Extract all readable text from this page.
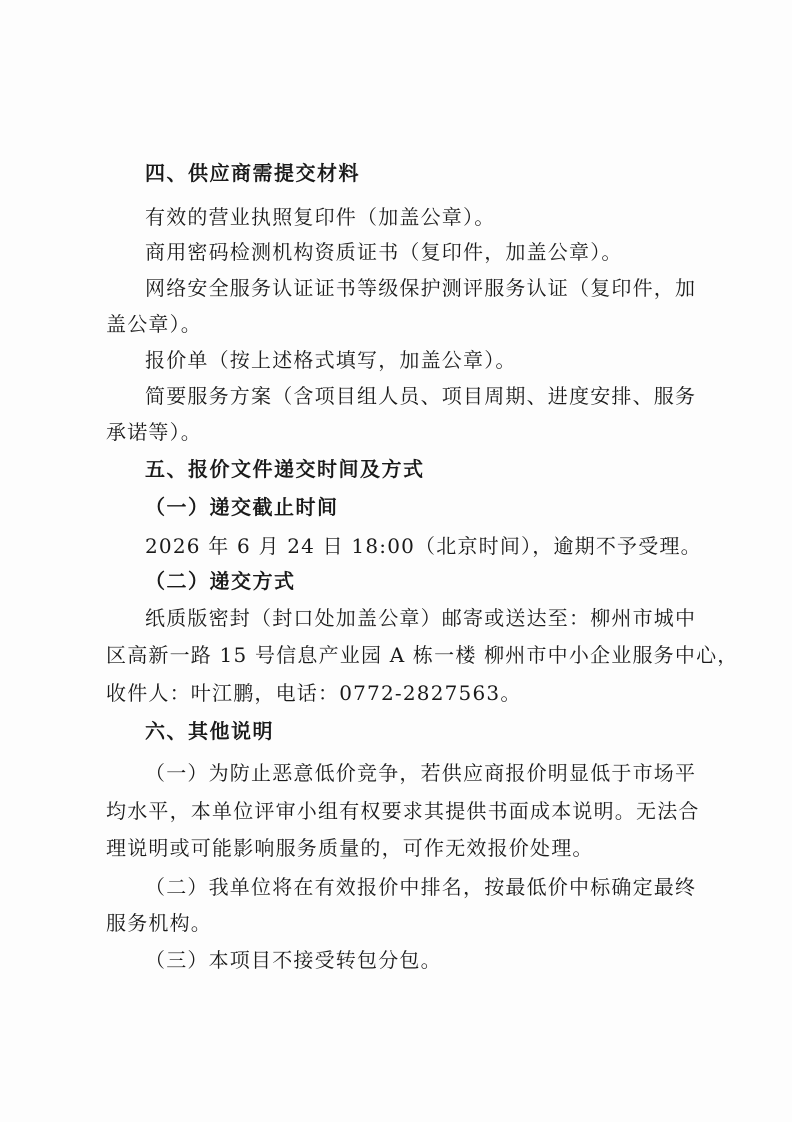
四、供应商需提交材料
有效的营业执照复印件（加盖公章）。
商用密码检测机构资质证书（复印件，加盖公章）。
网络安全服务认证证书等级保护测评服务认证（复印件，加
盖公章）。
报价单（按上述格式填写，加盖公章）。
简要服务方案（含项目组人员、项目周期、进度安排、服务
承诺等）。
五、报价文件递交时间及方式
（一）递交截止时间
2026 年 6 月 24 日 18:00（北京时间），逾期不予受理。
（二）递交方式
纸质版密封（封口处加盖公章）邮寄或送达至：柳州市城中
区高新一路 15 号信息产业园 A 栋一楼 柳州市中小企业服务中心，
收件人：叶江鹏，电话：0772-2827563。
六、其他说明
（一）为防止恶意低价竞争，若供应商报价明显低于市场平
均水平，本单位评审小组有权要求其提供书面成本说明。无法合
理说明或可能影响服务质量的，可作无效报价处理。
（二）我单位将在有效报价中排名，按最低价中标确定最终
服务机构。
（三）本项目不接受转包分包。
